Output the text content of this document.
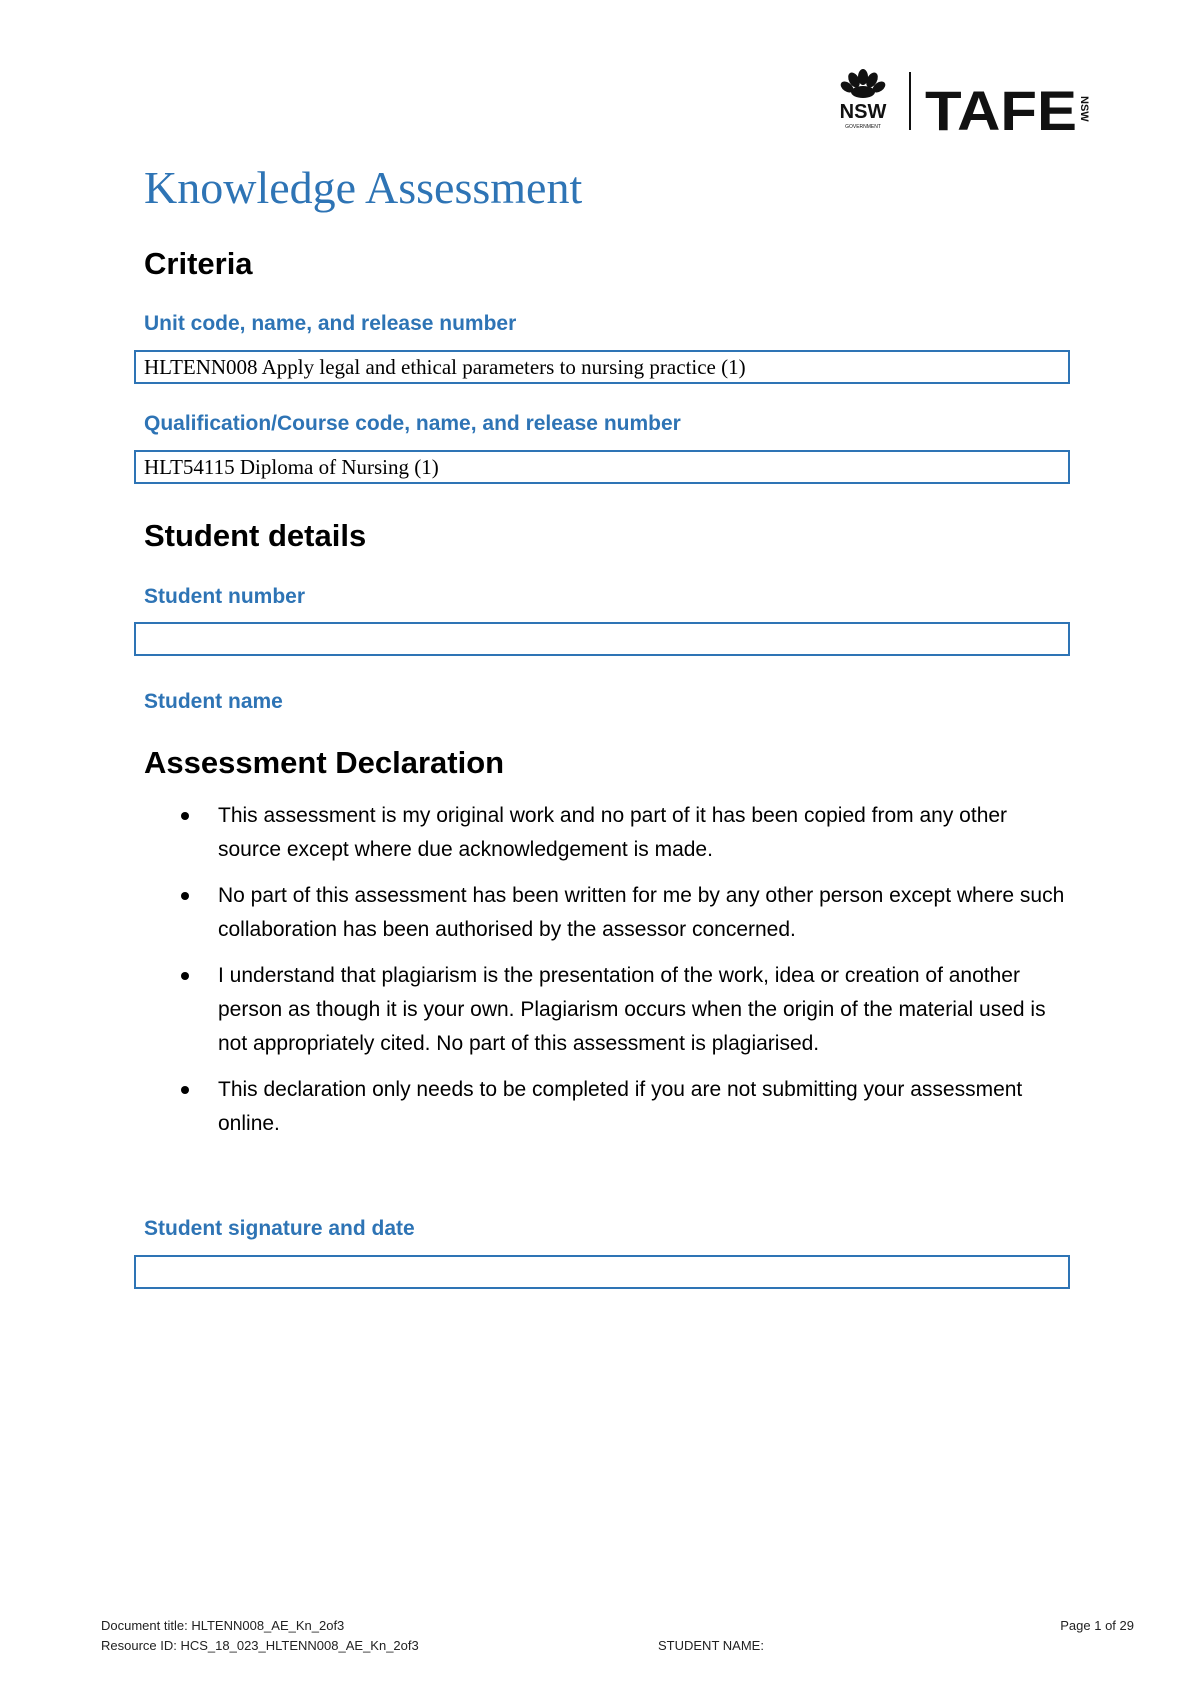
NSW
GOVERNMENT TAFE NSW
Knowledge Assessment
Criteria
Unit code, name, and release number
HLTENN008 Apply legal and ethical parameters to nursing practice (1)
Qualification/Course code, name, and release number
HLT54115 Diploma of Nursing (1)
Student details
Student number
Student name
Assessment Declaration
This assessment is my original work and no part of it has been copied from any other source except where due acknowledgement is made.
No part of this assessment has been written for me by any other person except where such collaboration has been authorised by the assessor concerned.
I understand that plagiarism is the presentation of the work, idea or creation of another person as though it is your own. Plagiarism occurs when the origin of the material used is not appropriately cited. No part of this assessment is plagiarised.
This declaration only needs to be completed if you are not submitting your assessment online.
Student signature and date
Document title: HLTENN008_AE_Kn_2of3
Resource ID: HCS_18_023_HLTENN008_AE_Kn_2of3	STUDENT NAME:
Page 1 of 29
